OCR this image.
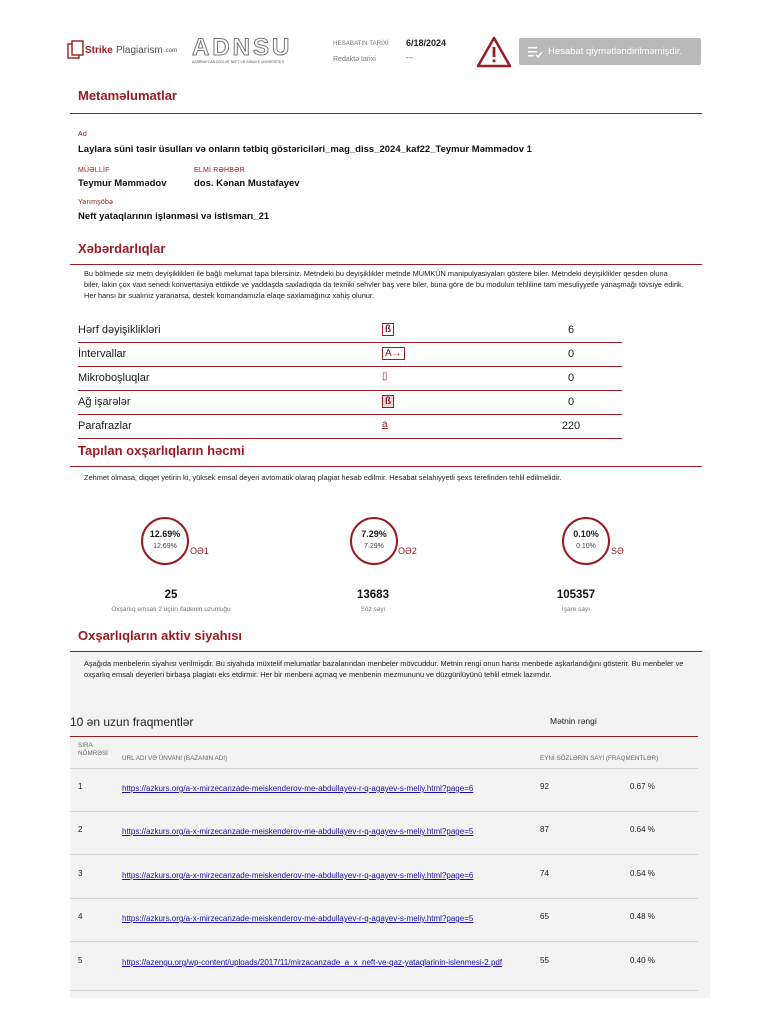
Strike Plagiarism .com ADNSU
AZƏRBAYCAN DÖVLƏT NEFT VƏ SƏNAYE UNİVERSİTETİ
HESABATIN TARİXİ 6/18/2024
Redaktə tarixi	---
Hesabat qiymətləndirilməmişdir.
Metaməlumatlar
Ad
Laylara süni təsir üsulları və onların tətbiq göstəriciləri_mag_diss_2024_kaf22_Teymur Məmmədov 1
MÜƏLLİF
Teymur Məmmədov
ELMİ RƏHBƏR
dos. Kənan Mustafayev
Yarımşöbə
Neft yataqlarının işlənməsi və istismarı_21
Xəbərdarlıqlar
Bu bölmede siz metn deyişiklikleri ile bağlı melumat tapa bilersiniz. Metndeki bu deyişiklikler metnde MÜMKÜN manipulyasiyaları göstere biler. Metndeki deyişiklikler qesden oluna biler, lakin çox vaxt senedi konvertasiya etdikde ve yaddaşda saxladıqda da texniki sehvler baş vere biler, buna göre de bu modulun tehliline tam mesuliyyetle yanaşmağı tövsiye edirik. Her hansı bir sualınız yaranarsa, destek komandamızla elaqe saxlamağınız xahiş olunur.
Hərf dəyişiklikləri	ß	6
İntervallar	A→	0
Mikroboşluqlar	▯	0
Ağ işarələr	ß	0
Parafrazlar	a	220
Tapılan oxşarlıqların həcmi
Zehmet olmasa, diqqet yetirin ki, yüksek emsal deyeri avtomatik olaraq plagiat hesab edilmir. Hesabat selahiyyetli şexs terefinden tehlil edilmelidir.
12.69%
12.69%	OƏ1
7.29%
7.29%	OƏ2
0.10%
0.10%	SƏ
25
Oxşarlıq emsalı 2 üçün ifadenin uzunluğu
13683
Söz sayı
105357
İşare sayı
Oxşarlıqların aktiv siyahısı
Aşağıda menbelerin siyahısı verilmişdir. Bu siyahıda müxtelif melumatlar bazalarından menbeler mövcuddur. Metnin rengi onun hansı menbede aşkarlandığını gösterir. Bu menbeler ve oxşarlıq emsalı deyerleri birbaşa plagiatı eks etdirmir. Her bir menbeni açmaq ve menbenin mezmununu ve düzgünlüyünü tehlil etmek lazımdır.
10 ən uzun fraqmentlər	Mətnin rəngi
SIRA NÖMRƏSİ
URL ADI VƏ ÜNVANI (BAZANIN ADI)	EYNİ SÖZLƏRİN SAYI (FRAQMENTLƏR)
1	https://azkurs.org/a-x-mirzecanzade-meiskenderov-me-abdullayev-r-q-agayev-s-meliy.html?page=6	92	0.67 %
2	https://azkurs.org/a-x-mirzecanzade-meiskenderov-me-abdullayev-r-q-agayev-s-meliy.html?page=5	87	0.64 %
3	https://azkurs.org/a-x-mirzecanzade-meiskenderov-me-abdullayev-r-q-agayev-s-meliy.html?page=6	74	0.54 %
4	https://azkurs.org/a-x-mirzecanzade-meiskenderov-me-abdullayev-r-q-agayev-s-meliy.html?page=5	65	0.48 %
5	https://azengu.org/wp-content/uploads/2017/11/mirzacanzade_a_x_neft-ve-qaz-yataqlarinin-islenmesi-2.pdf	55	0.40 %
